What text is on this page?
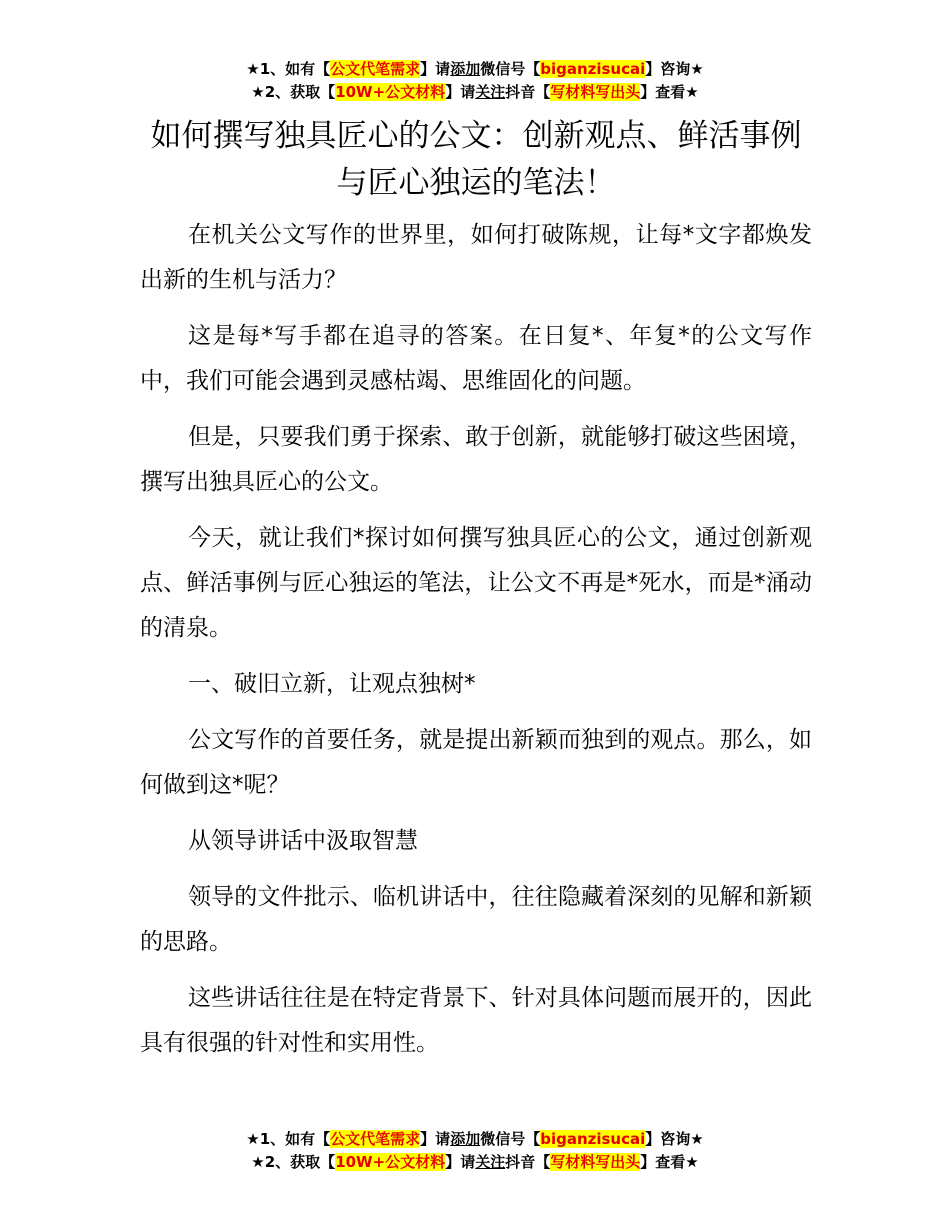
★1、如有【公文代笔需求】请添加微信号【biganzisucai】咨询★
★2、获取【10W+公文材料】请关注抖音【写材料写出头】查看★
如何撰写独具匠心的公文：创新观点、鲜活事例与匠心独运的笔法！

在机关公文写作的世界里，如何打破陈规，让每*文字都焕发出新的生机与活力？

这是每*写手都在追寻的答案。在日复*、年复*的公文写作中，我们可能会遇到灵感枯竭、思维固化的问题。

但是，只要我们勇于探索、敢于创新，就能够打破这些困境，撰写出独具匠心的公文。

今天，就让我们*探讨如何撰写独具匠心的公文，通过创新观点、鲜活事例与匠心独运的笔法，让公文不再是*死水，而是*涌动的清泉。

一、破旧立新，让观点独树*

公文写作的首要任务，就是提出新颖而独到的观点。那么，如何做到这*呢？

从领导讲话中汲取智慧

领导的文件批示、临机讲话中，往往隐藏着深刻的见解和新颖的思路。

这些讲话往往是在特定背景下、针对具体问题而展开的，因此具有很强的针对性和实用性。

★1、如有【公文代笔需求】请添加微信号【biganzisucai】咨询★
★2、获取【10W+公文材料】请关注抖音【写材料写出头】查看★
